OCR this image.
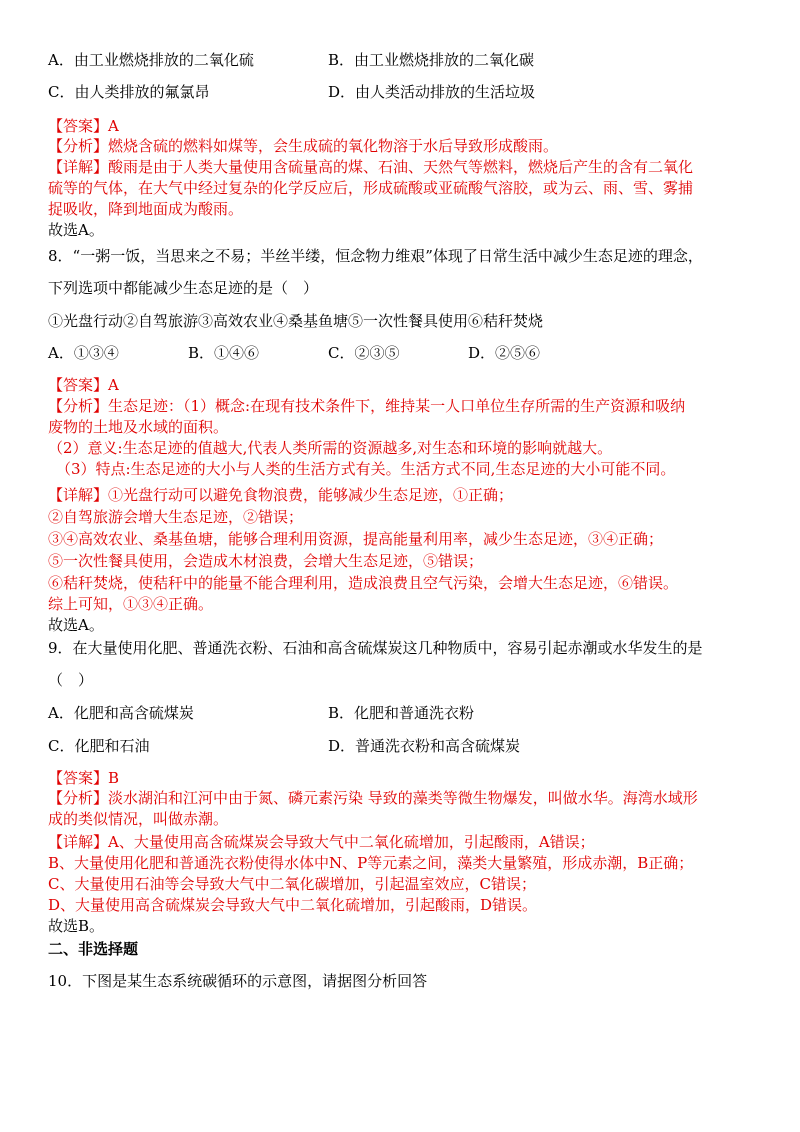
A．由工业燃烧排放的二氧化硫	B．由工业燃烧排放的二氧化碳
C．由人类排放的氟氯昂	D．由人类活动排放的生活垃圾
【答案】A
【分析】燃烧含硫的燃料如煤等，会生成硫的氧化物溶于水后导致形成酸雨。
【详解】酸雨是由于人类大量使用含硫量高的煤、石油、天然气等燃料，燃烧后产生的含有二氧化
硫等的气体，在大气中经过复杂的化学反应后，形成硫酸或亚硫酸气溶胶，或为云、雨、雪、雾捕
捉吸收，降到地面成为酸雨。
故选A。
8．“一粥一饭，当思来之不易；半丝半缕，恒念物力维艰”体现了日常生活中减少生态足迹的理念，
下列选项中都能减少生态足迹的是（　）
①光盘行动②自驾旅游③高效农业④桑基鱼塘⑤一次性餐具使用⑥秸秆焚烧
A．①③④	B．①④⑥	C．②③⑤	D．②⑤⑥
【答案】A
【分析】生态足迹：（1）概念:在现有技术条件下，维持某一人口单位生存所需的生产资源和吸纳
废物的土地及水域的面积。
（2）意义:生态足迹的值越大,代表人类所需的资源越多,对生态和环境的影响就越大。
（3）特点:生态足迹的大小与人类的生活方式有关。生活方式不同,生态足迹的大小可能不同。
【详解】①光盘行动可以避免食物浪费，能够减少生态足迹，①正确；
②自驾旅游会增大生态足迹，②错误；
③④高效农业、桑基鱼塘，能够合理利用资源，提高能量利用率，减少生态足迹，③④正确；
⑤一次性餐具使用，会造成木材浪费，会增大生态足迹，⑤错误；
⑥秸秆焚烧，使秸秆中的能量不能合理利用，造成浪费且空气污染，会增大生态足迹，⑥错误。
综上可知，①③④正确。
故选A。
9．在大量使用化肥、普通洗衣粉、石油和高含硫煤炭这几种物质中，容易引起赤潮或水华发生的是
（　）
A．化肥和高含硫煤炭	B．化肥和普通洗衣粉
C．化肥和石油	D．普通洗衣粉和高含硫煤炭
【答案】B
【分析】淡水湖泊和江河中由于氮、磷元素污染 导致的藻类等微生物爆发，叫做水华。海湾水域形
成的类似情况，叫做赤潮。
【详解】A、大量使用高含硫煤炭会导致大气中二氧化硫增加，引起酸雨，A错误；
B、大量使用化肥和普通洗衣粉使得水体中N、P等元素之间，藻类大量繁殖，形成赤潮，B正确；
C、大量使用石油等会导致大气中二氧化碳增加，引起温室效应，C错误；
D、大量使用高含硫煤炭会导致大气中二氧化硫增加，引起酸雨，D错误。
故选B。
二、非选择题
10．下图是某生态系统碳循环的示意图，请据图分析回答
